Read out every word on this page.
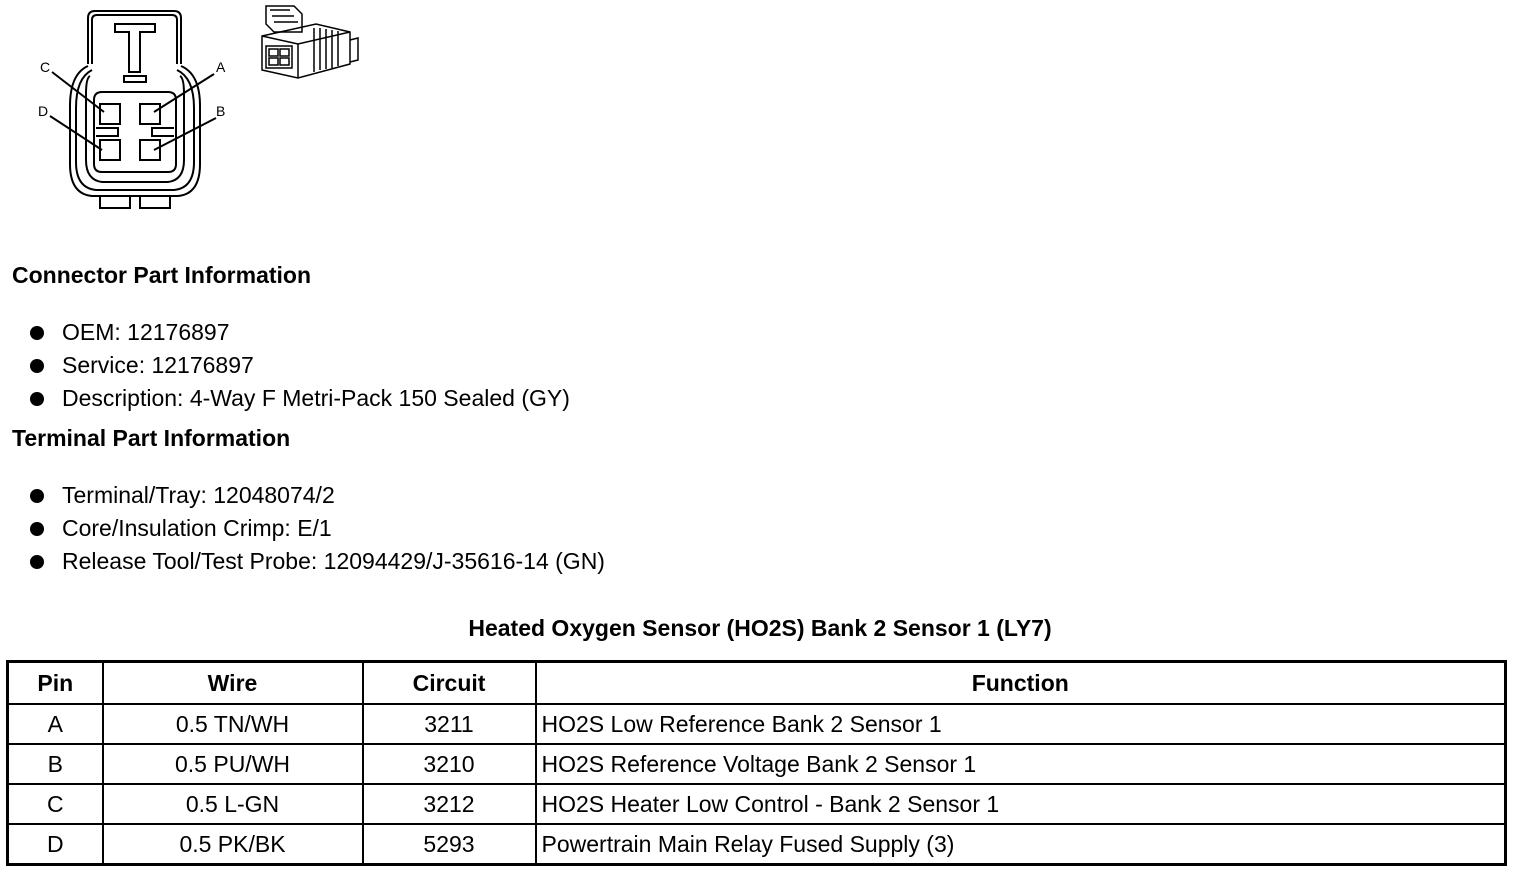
C	A
D	B
Connector Part Information
OEM: 12176897
Service: 12176897
Description: 4-Way F Metri-Pack 150 Sealed (GY)
Terminal Part Information
Terminal/Tray: 12048074/2
Core/Insulation Crimp: E/1
Release Tool/Test Probe: 12094429/J-35616-14 (GN)
Heated Oxygen Sensor (HO2S) Bank 2 Sensor 1 (LY7)
Pin	Wire	Circuit	Function
A	0.5 TN/WH	3211	HO2S Low Reference Bank 2 Sensor 1
B	0.5 PU/WH	3210	HO2S Reference Voltage Bank 2 Sensor 1
C	0.5 L-GN	3212	HO2S Heater Low Control - Bank 2 Sensor 1
D	0.5 PK/BK	5293	Powertrain Main Relay Fused Supply (3)
